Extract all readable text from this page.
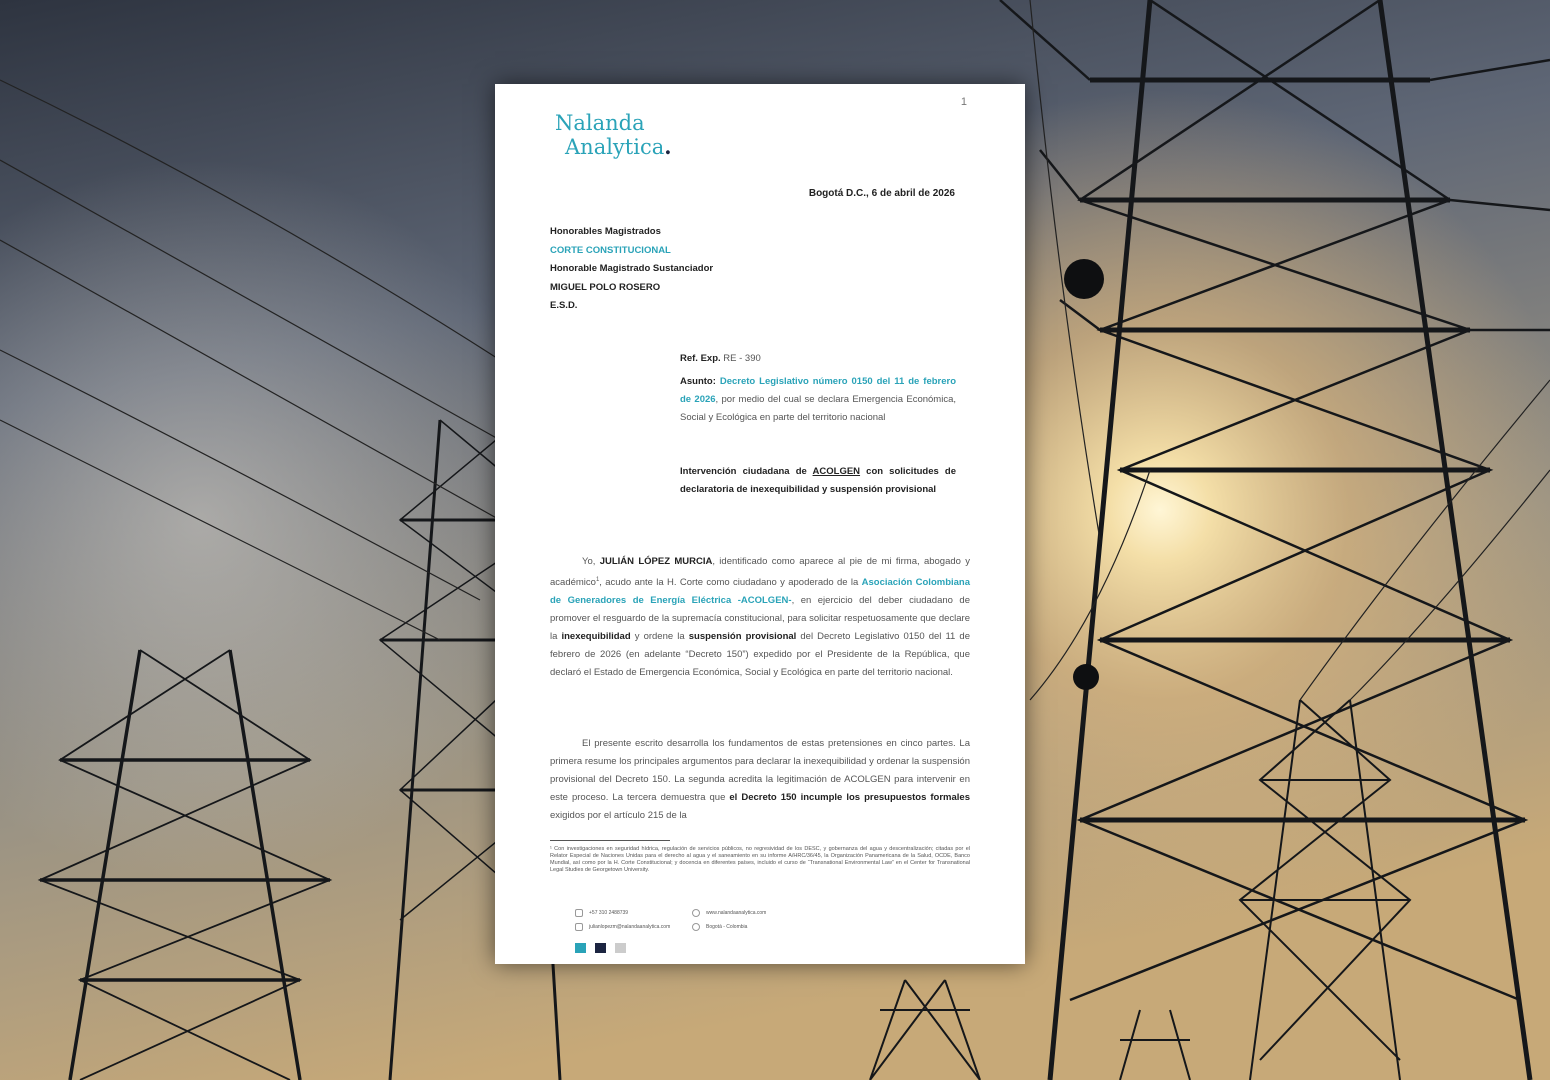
1
Nalanda
Analytica.
Bogotá D.C., 6 de abril de 2026
Honorables Magistrados
CORTE CONSTITUCIONAL
Honorable Magistrado Sustanciador
MIGUEL POLO ROSERO
E.S.D.
Ref. Exp. RE - 390
Asunto: Decreto Legislativo número 0150 del 11 de febrero de 2026, por medio del cual se declara Emergencia Económica, Social y Ecológica en parte del territorio nacional
Intervención ciudadana de ACOLGEN con solicitudes de declaratoria de inexequibilidad y suspensión provisional
Yo, JULIÁN LÓPEZ MURCIA, identificado como aparece al pie de mi firma, abogado y académico$^1$, acudo ante la H. Corte como ciudadano y apoderado de la Asociación Colombiana de Generadores de Energía Eléctrica -ACOLGEN-, en ejercicio del deber ciudadano de promover el resguardo de la supremacía constitucional, para solicitar respetuosamente que declare la inexequibilidad y ordene la suspensión provisional del Decreto Legislativo 0150 del 11 de febrero de 2026 (en adelante “Decreto 150”) expedido por el Presidente de la República, que declaró el Estado de Emergencia Económica, Social y Ecológica en parte del territorio nacional.
El presente escrito desarrolla los fundamentos de estas pretensiones en cinco partes. La primera resume los principales argumentos para declarar la inexequibilidad y ordenar la suspensión provisional del Decreto 150. La segunda acredita la legitimación de ACOLGEN para intervenir en este proceso. La tercera demuestra que el Decreto 150 incumple los presupuestos formales exigidos por el artículo 215 de la
¹ Con investigaciones en seguridad hídrica, regulación de servicios públicos, no regresividad de los DESC, y gobernanza del agua y descentralización; citadas por el Relator Especial de Naciones Unidas para el derecho al agua y el saneamiento en su informe A/HRC/36/45, la Organización Panamericana de la Salud, OCDE, Banco Mundial, así como por la H. Corte Constitucional; y docencia en diferentes países, incluido el curso de “Transnational Environmental Law” en el Center for Transnational Legal Studies de Georgetown University.
+57 310 2488739
julianlopezm@nalandaanalytica.com
www.nalandaanalytica.com
Bogotá - Colombia
